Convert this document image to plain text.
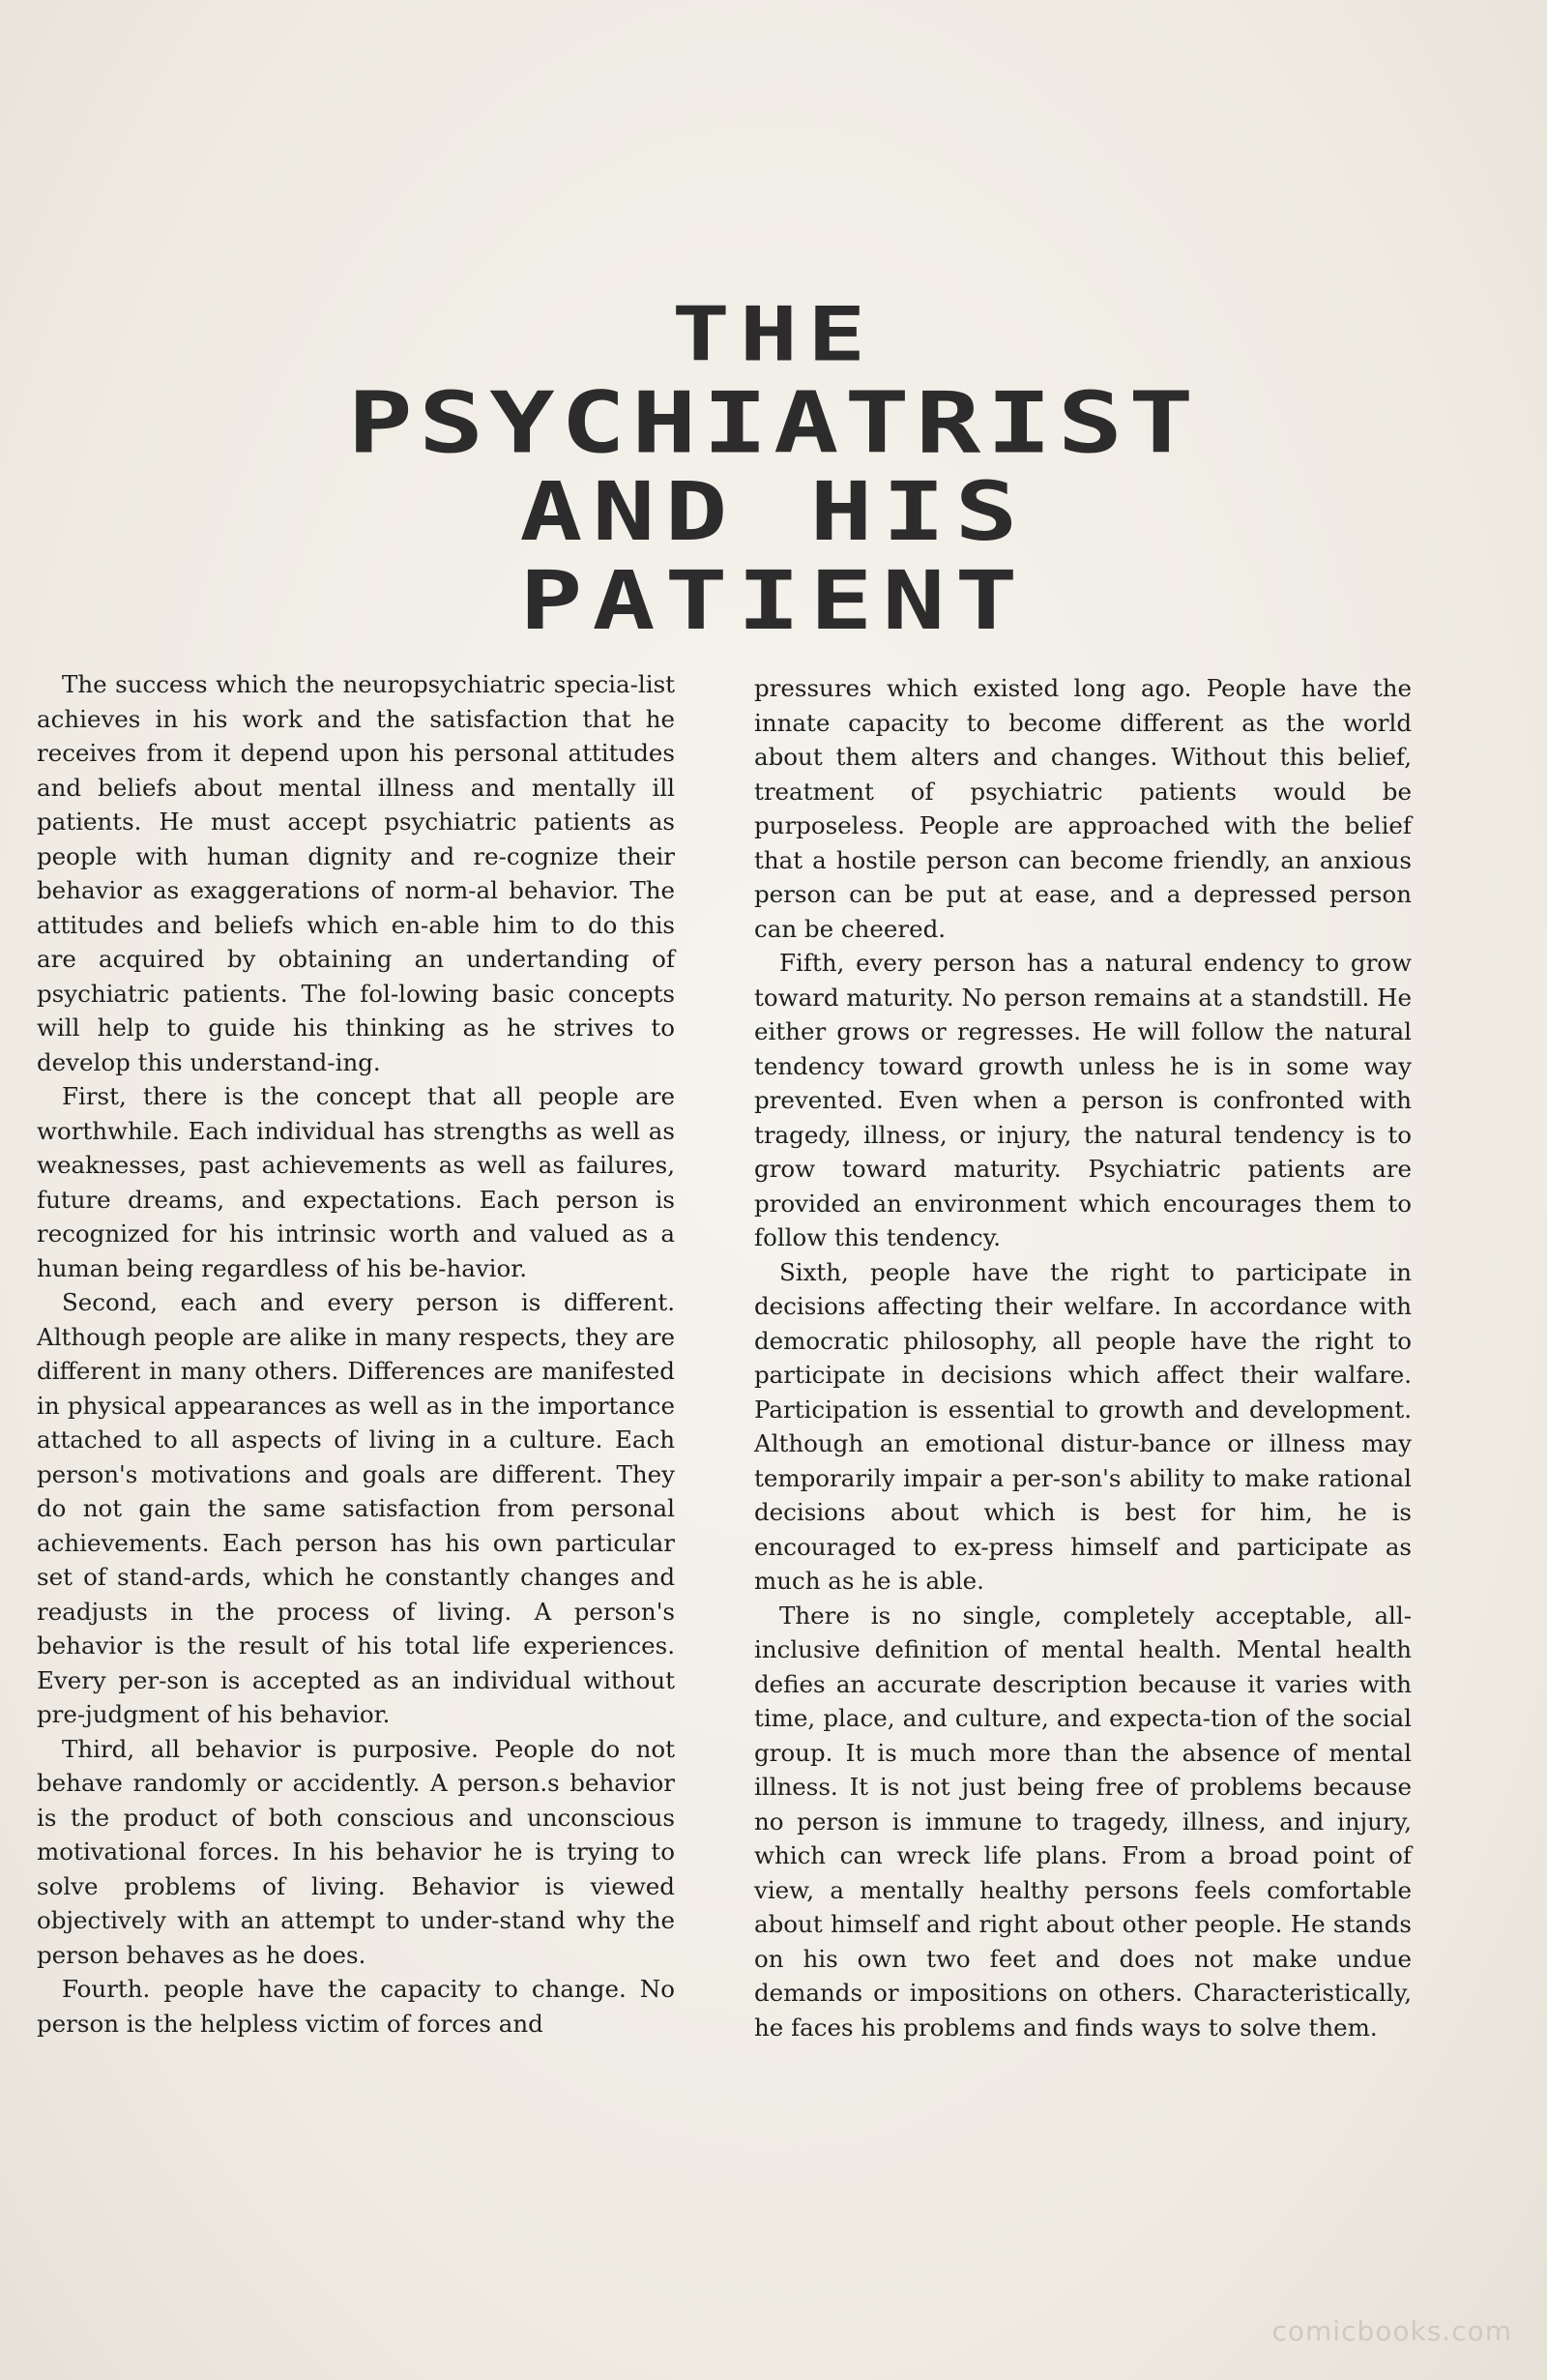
THE
PSYCHIATRIST
AND HIS
PATIENT

The success which the neuropsychiatric specia-list achieves in his work and the satisfaction that he receives from it depend upon his personal attitudes and beliefs about mental illness and mentally ill patients. He must accept psychiatric patients as people with human dignity and re-cognize their behavior as exaggerations of norm-al behavior. The attitudes and beliefs which en-able him to do this are acquired by obtaining an undertanding of psychiatric patients. The fol-lowing basic concepts will help to guide his thinking as he strives to develop this understand-ing.

First, there is the concept that all people are worthwhile. Each individual has strengths as well as weaknesses, past achievements as well as failures, future dreams, and expectations. Each person is recognized for his intrinsic worth and valued as a human being regardless of his be-havior.

Second, each and every person is different. Although people are alike in many respects, they are different in many others. Differences are manifested in physical appearances as well as in the importance attached to all aspects of living in a culture. Each person's motivations and goals are different. They do not gain the same satisfaction from personal achievements. Each person has his own particular set of stand-ards, which he constantly changes and readjusts in the process of living. A person's behavior is the result of his total life experiences. Every per-son is accepted as an individual without pre-judgment of his behavior.

Third, all behavior is purposive. People do not behave randomly or accidently. A person.s behavior is the product of both conscious and unconscious motivational forces. In his behavior he is trying to solve problems of living. Behavior is viewed objectively with an attempt to under-stand why the person behaves as he does.

Fourth. people have the capacity to change. No person is the helpless victim of forces and

pressures which existed long ago. People have the innate capacity to become different as the world about them alters and changes. Without this belief, treatment of psychiatric patients would be purposeless. People are approached with the belief that a hostile person can become friendly, an anxious person can be put at ease, and a depressed person can be cheered.

Fifth, every person has a natural endency to grow toward maturity. No person remains at a standstill. He either grows or regresses. He will follow the natural tendency toward growth unless he is in some way prevented. Even when a person is confronted with tragedy, illness, or injury, the natural tendency is to grow toward maturity. Psychiatric patients are provided an environment which encourages them to follow this tendency.

Sixth, people have the right to participate in decisions affecting their welfare. In accordance with democratic philosophy, all people have the right to participate in decisions which affect their walfare. Participation is essential to growth and development. Although an emotional distur-bance or illness may temporarily impair a per-son's ability to make rational decisions about which is best for him, he is encouraged to ex-press himself and participate as much as he is able.

There is no single, completely acceptable, all-inclusive definition of mental health. Mental health defies an accurate description because it varies with time, place, and culture, and expecta-tion of the social group. It is much more than the absence of mental illness. It is not just being free of problems because no person is immune to tragedy, illness, and injury, which can wreck life plans. From a broad point of view, a mentally healthy persons feels comfortable about himself and right about other people. He stands on his own two feet and does not make undue demands or impositions on others. Characteristically, he faces his problems and finds ways to solve them.

comicbooks.com
